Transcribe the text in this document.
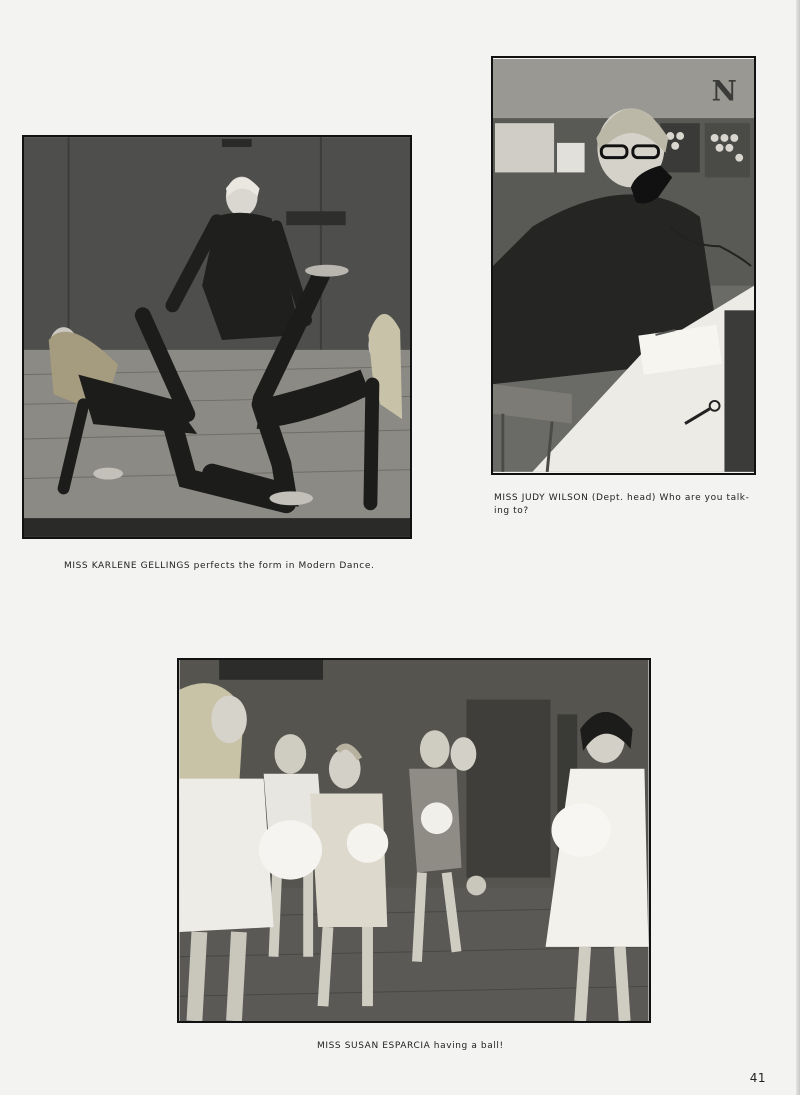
MISS KARLENE GELLINGS perfects the form in Modern Dance.
N
MISS JUDY WILSON (Dept. head) Who are you talk-ing to?
MISS SUSAN ESPARCIA having a ball!
41
